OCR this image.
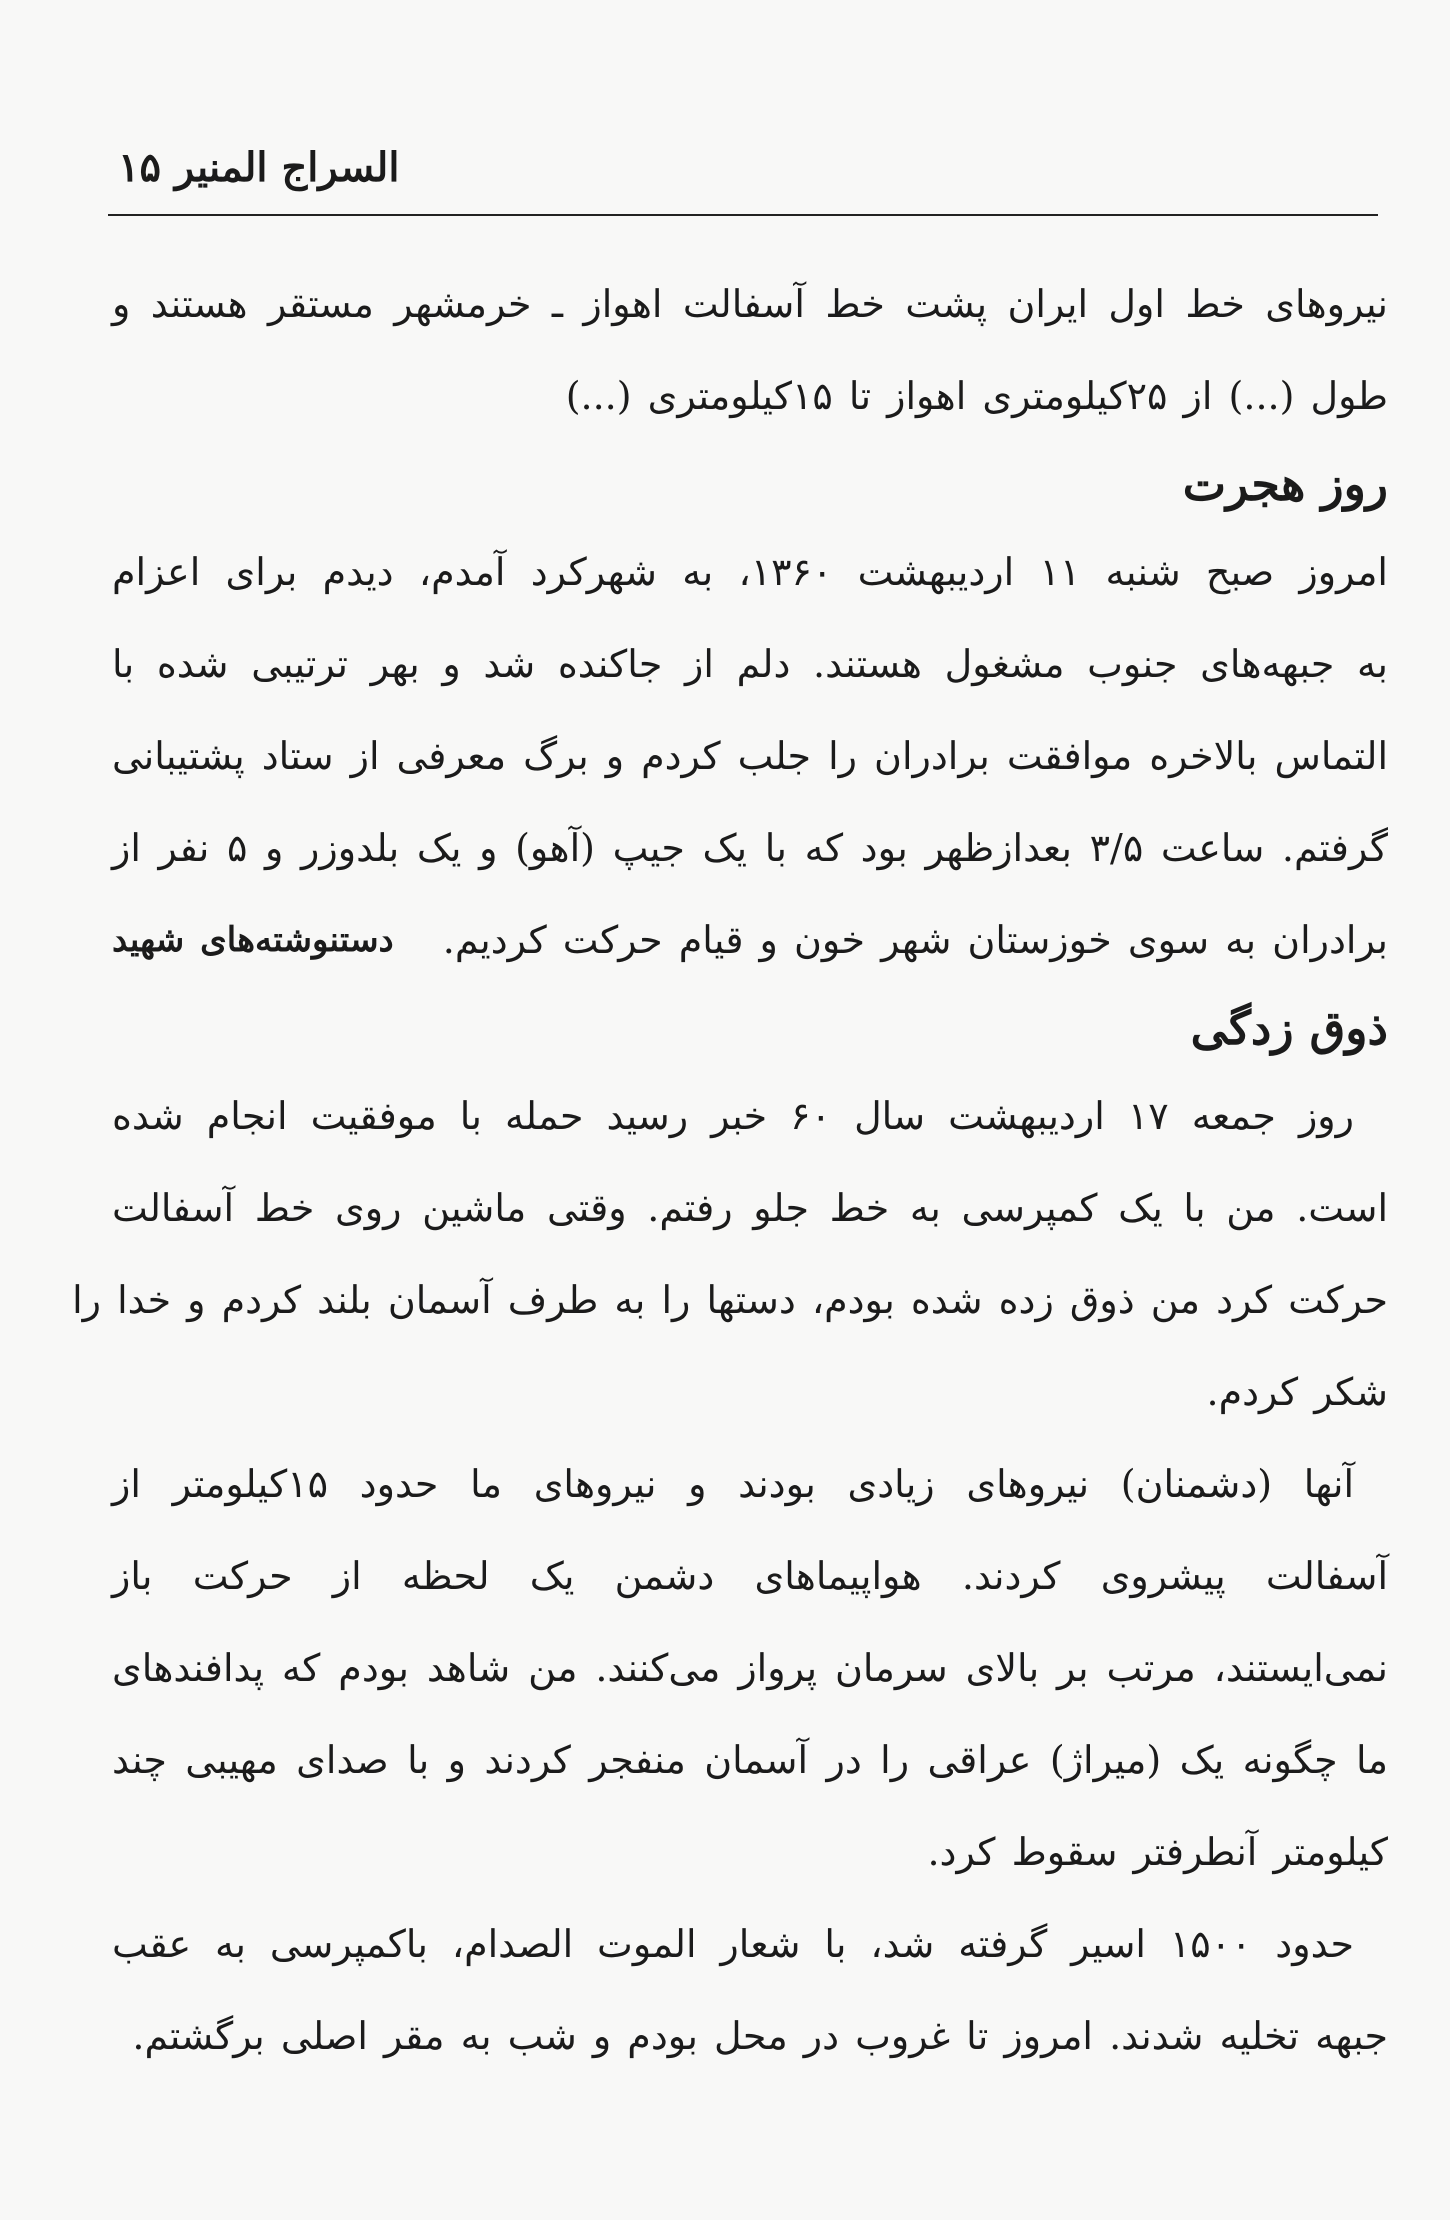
السراج المنیر ۱۵
نیروهای خط اول ایران پشت خط آسفالت اهواز ـ خرمشهر مستقر هستند و
طول (...) از ۲۵کیلومتری اهواز تا ۱۵کیلومتری (...)
روز هجرت
امروز صبح شنبه ۱۱ اردیبهشت ۱۳۶۰، به شهرکرد آمدم، دیدم برای اعزام
به جبهه‌های جنوب مشغول هستند. دلم از جاکنده شد و بهر ترتیبی شده با
التماس بالاخره موافقت برادران را جلب کردم و برگ معرفی از ستاد پشتیبانی
گرفتم. ساعت ۳/۵ بعدازظهر بود که با یک جیپ (آهو) و یک بلدوزر و ۵ نفر از
برادران به سوی خوزستان شهر خون و قیام حرکت کردیم.
دستنوشته‌های شهید
ذوق زدگی
روز جمعه ۱۷ اردیبهشت سال ۶۰ خبر رسید حمله با موفقیت انجام شده
است. من با یک کمپرسی به خط جلو رفتم. وقتی ماشین روی خط آسفالت
حرکت کرد من ذوق زده شده بودم، دستها را به طرف آسمان بلند کردم و خدا را
شکر کردم.
آنها (دشمنان) نیروهای زیادی بودند و نیروهای ما حدود ۱۵کیلومتر از
آسفالت پیشروی کردند. هواپیماهای دشمن یک لحظه از حرکت باز
نمی‌ایستند، مرتب بر بالای سرمان پرواز می‌کنند. من شاهد بودم که پدافندهای
ما چگونه یک (میراژ) عراقی را در آسمان منفجر کردند و با صدای مهیبی چند
کیلومتر آنطرفتر سقوط کرد.
حدود ۱۵۰۰ اسیر گرفته شد، با شعار الموت الصدام، باکمپرسی به عقب
جبهه تخلیه شدند. امروز تا غروب در محل بودم و شب به مقر اصلی برگشتم.
